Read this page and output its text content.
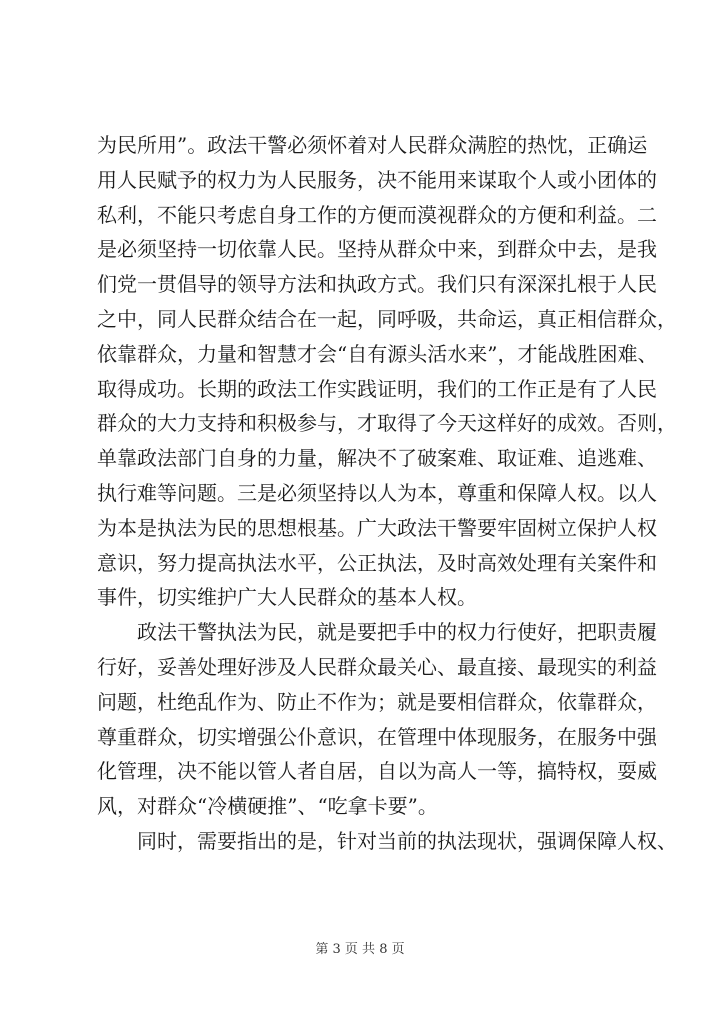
为民所用”。政法干警必须怀着对人民群众满腔的热忱，正确运
用人民赋予的权力为人民服务，决不能用来谋取个人或小团体的
私利，不能只考虑自身工作的方便而漠视群众的方便和利益。二
是必须坚持一切依靠人民。坚持从群众中来，到群众中去，是我
们党一贯倡导的领导方法和执政方式。我们只有深深扎根于人民
之中，同人民群众结合在一起，同呼吸，共命运，真正相信群众，
依靠群众，力量和智慧才会“自有源头活水来”，才能战胜困难、
取得成功。长期的政法工作实践证明，我们的工作正是有了人民
群众的大力支持和积极参与，才取得了今天这样好的成效。否则，
单靠政法部门自身的力量，解决不了破案难、取证难、追逃难、
执行难等问题。三是必须坚持以人为本，尊重和保障人权。以人
为本是执法为民的思想根基。广大政法干警要牢固树立保护人权
意识，努力提高执法水平，公正执法，及时高效处理有关案件和
事件，切实维护广大人民群众的基本人权。
政法干警执法为民，就是要把手中的权力行使好，把职责履
行好，妥善处理好涉及人民群众最关心、最直接、最现实的利益
问题，杜绝乱作为、防止不作为；就是要相信群众，依靠群众，
尊重群众，切实增强公仆意识，在管理中体现服务，在服务中强
化管理，决不能以管人者自居，自以为高人一等，搞特权，耍威
风，对群众“冷横硬推”、“吃拿卡要”。
同时，需要指出的是，针对当前的执法现状，强调保障人权、
第 3 页 共 8 页
